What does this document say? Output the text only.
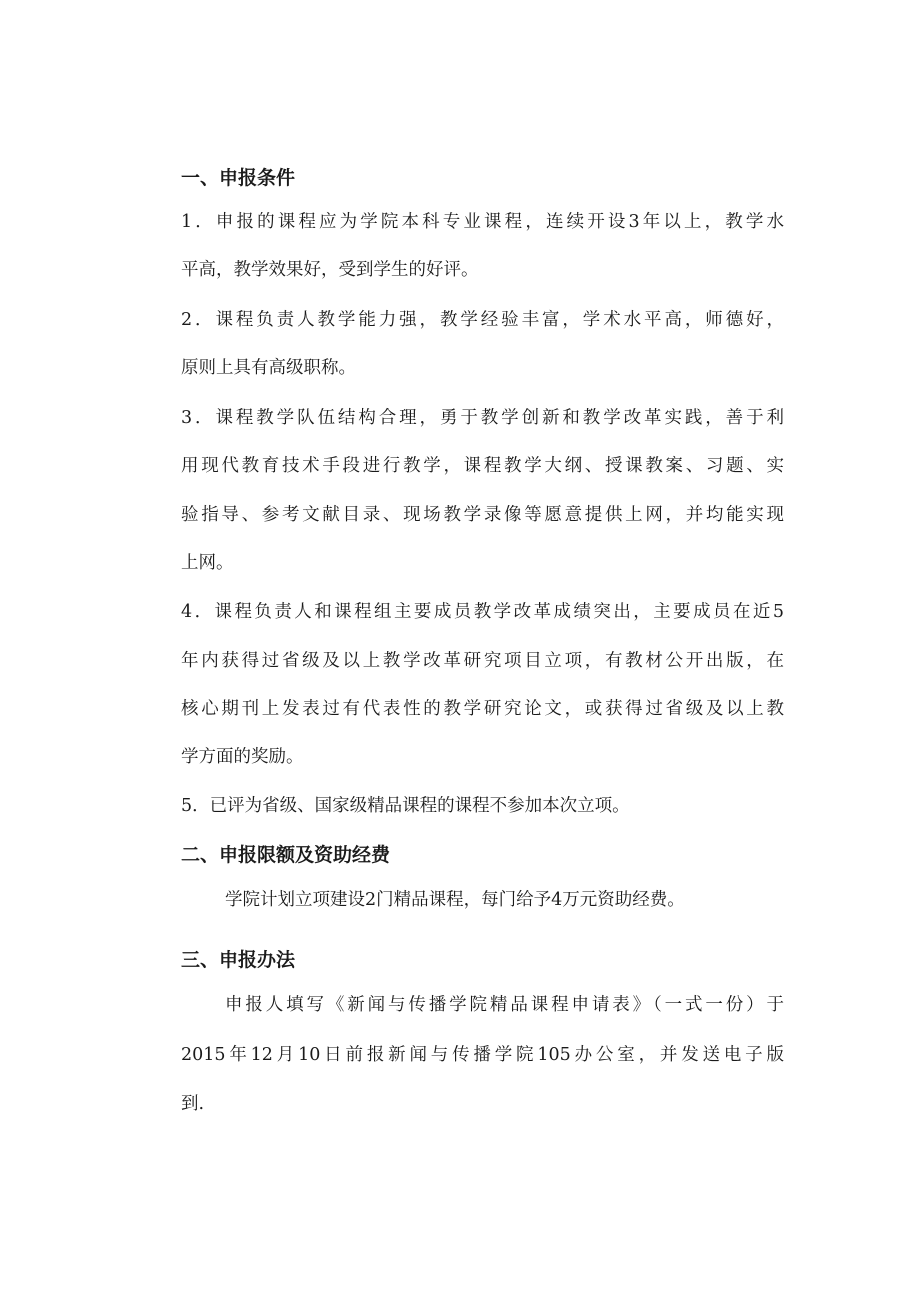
一、申报条件

1．申报的课程应为学院本科专业课程，连续开设3年以上，教学水

平高，教学效果好，受到学生的好评。

2．课程负责人教学能力强，教学经验丰富，学术水平高，师德好，

原则上具有高级职称。

3．课程教学队伍结构合理，勇于教学创新和教学改革实践，善于利

用现代教育技术手段进行教学，课程教学大纲、授课教案、习题、实

验指导、参考文献目录、现场教学录像等愿意提供上网，并均能实现

上网。

4．课程负责人和课程组主要成员教学改革成绩突出，主要成员在近5

年内获得过省级及以上教学改革研究项目立项，有教材公开出版，在

核心期刊上发表过有代表性的教学研究论文，或获得过省级及以上教

学方面的奖励。

5．已评为省级、国家级精品课程的课程不参加本次立项。

二、申报限额及资助经费

学院计划立项建设2门精品课程，每门给予4万元资助经费。

三、申报办法

申报人填写《新闻与传播学院精品课程申请表》（一式一份）于

2015年12月10日前报新闻与传播学院105办公室，并发送电子版

到.
